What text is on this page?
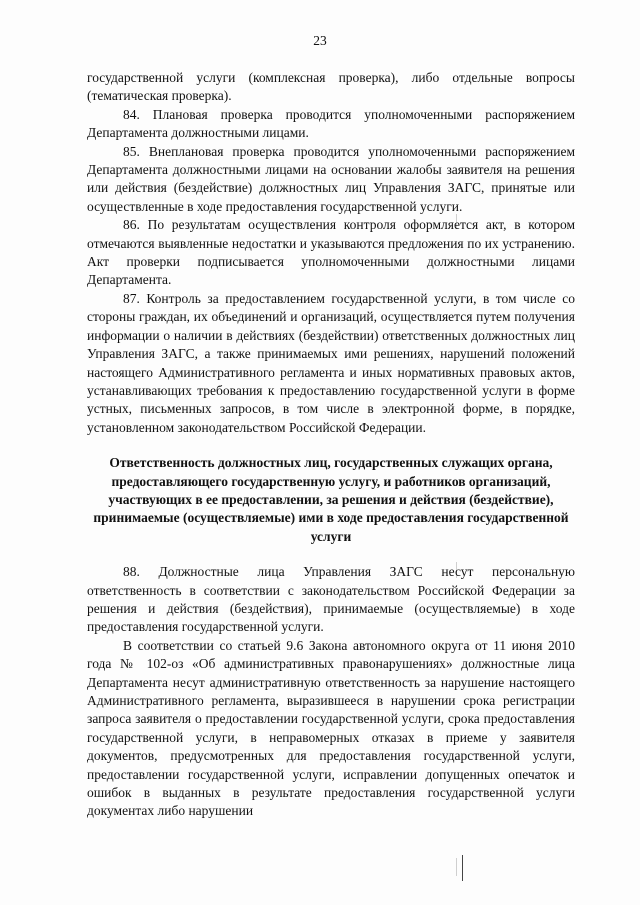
23

государственной услуги (комплексная проверка), либо отдельные вопросы (тематическая проверка).

84. Плановая проверка проводится уполномоченными распоряжением Департамента должностными лицами.

85. Внеплановая проверка проводится уполномоченными распоряжением Департамента должностными лицами на основании жалобы заявителя на решения или действия (бездействие) должностных лиц Управления ЗАГС, принятые или осуществленные в ходе предоставления государственной услуги.

86. По результатам осуществления контроля оформляется акт, в котором отмечаются выявленные недостатки и указываются предложения по их устранению. Акт проверки подписывается уполномоченными должностными лицами Департамента.

87. Контроль за предоставлением государственной услуги, в том числе со стороны граждан, их объединений и организаций, осуществляется путем получения информации о наличии в действиях (бездействии) ответственных должностных лиц Управления ЗАГС, а также принимаемых ими решениях, нарушений положений настоящего Административного регламента и иных нормативных правовых актов, устанавливающих требования к предоставлению государственной услуги в форме устных, письменных запросов, в том числе в электронной форме, в порядке, установленном законодательством Российской Федерации.

Ответственность должностных лиц, государственных служащих органа, предоставляющего государственную услугу, и работников организаций, участвующих в ее предоставлении, за решения и действия (бездействие), принимаемые (осуществляемые) ими в ходе предоставления государственной услуги

88. Должностные лица Управления ЗАГС несут персональную ответственность в соответствии с законодательством Российской Федерации за решения и действия (бездействия), принимаемые (осуществляемые) в ходе предоставления государственной услуги.

В соответствии со статьей 9.6 Закона автономного округа от 11 июня 2010 года № 102-оз «Об административных правонарушениях» должностные лица Департамента несут административную ответственность за нарушение настоящего Административного регламента, выразившееся в нарушении срока регистрации запроса заявителя о предоставлении государственной услуги, срока предоставления государственной услуги, в неправомерных отказах в приеме у заявителя документов, предусмотренных для предоставления государственной услуги, предоставлении государственной услуги, исправлении допущенных опечаток и ошибок в выданных в результате предоставления государственной услуги документах либо нарушении
